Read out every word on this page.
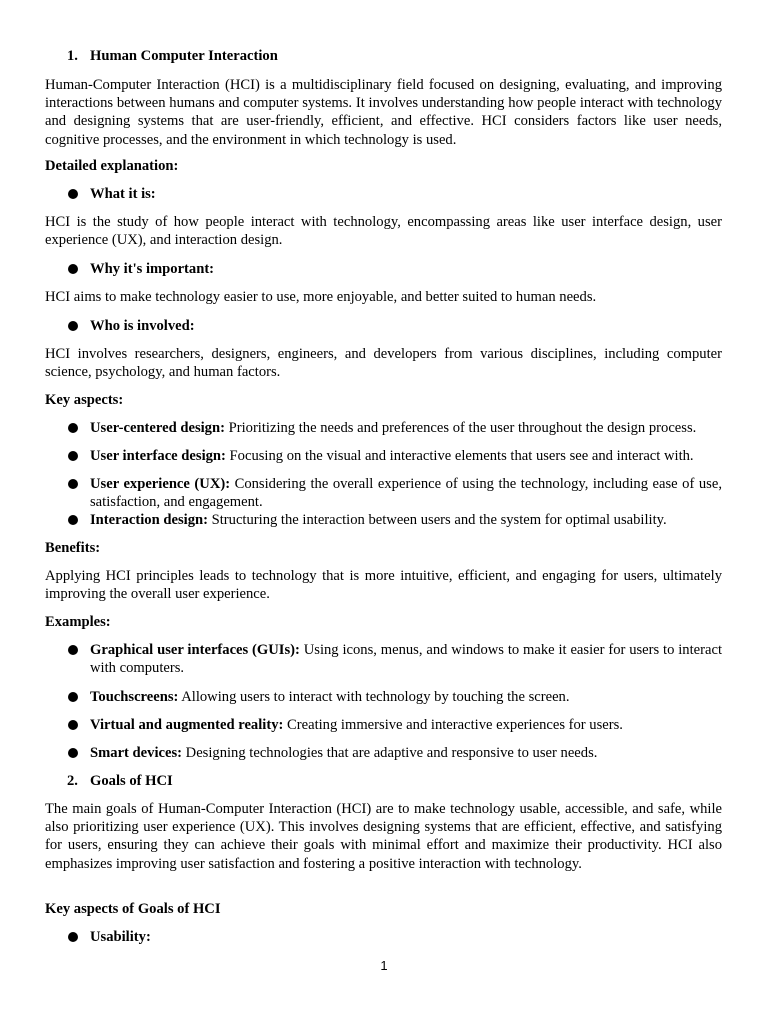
1. Human Computer Interaction

Human-Computer Interaction (HCI) is a multidisciplinary field focused on designing, evaluating, and improving interactions between humans and computer systems. It involves understanding how people interact with technology and designing systems that are user-friendly, efficient, and effective. HCI considers factors like user needs, cognitive processes, and the environment in which technology is used.

Detailed explanation:

What it is:

HCI is the study of how people interact with technology, encompassing areas like user interface design, user experience (UX), and interaction design.

Why it's important:

HCI aims to make technology easier to use, more enjoyable, and better suited to human needs.

Who is involved:

HCI involves researchers, designers, engineers, and developers from various disciplines, including computer science, psychology, and human factors.

Key aspects:

User-centered design: Prioritizing the needs and preferences of the user throughout the design process.
User interface design: Focusing on the visual and interactive elements that users see and interact with.
User experience (UX): Considering the overall experience of using the technology, including ease of use, satisfaction, and engagement.
Interaction design: Structuring the interaction between users and the system for optimal usability.

Benefits:

Applying HCI principles leads to technology that is more intuitive, efficient, and engaging for users, ultimately improving the overall user experience.

Examples:

Graphical user interfaces (GUIs): Using icons, menus, and windows to make it easier for users to interact with computers.
Touchscreens: Allowing users to interact with technology by touching the screen.
Virtual and augmented reality: Creating immersive and interactive experiences for users.
Smart devices: Designing technologies that are adaptive and responsive to user needs.
2. Goals of HCI

The main goals of Human-Computer Interaction (HCI) are to make technology usable, accessible, and safe, while also prioritizing user experience (UX). This involves designing systems that are efficient, effective, and satisfying for users, ensuring they can achieve their goals with minimal effort and maximize their productivity. HCI also emphasizes improving user satisfaction and fostering a positive interaction with technology.

Key aspects of Goals of HCI

Usability:
1
